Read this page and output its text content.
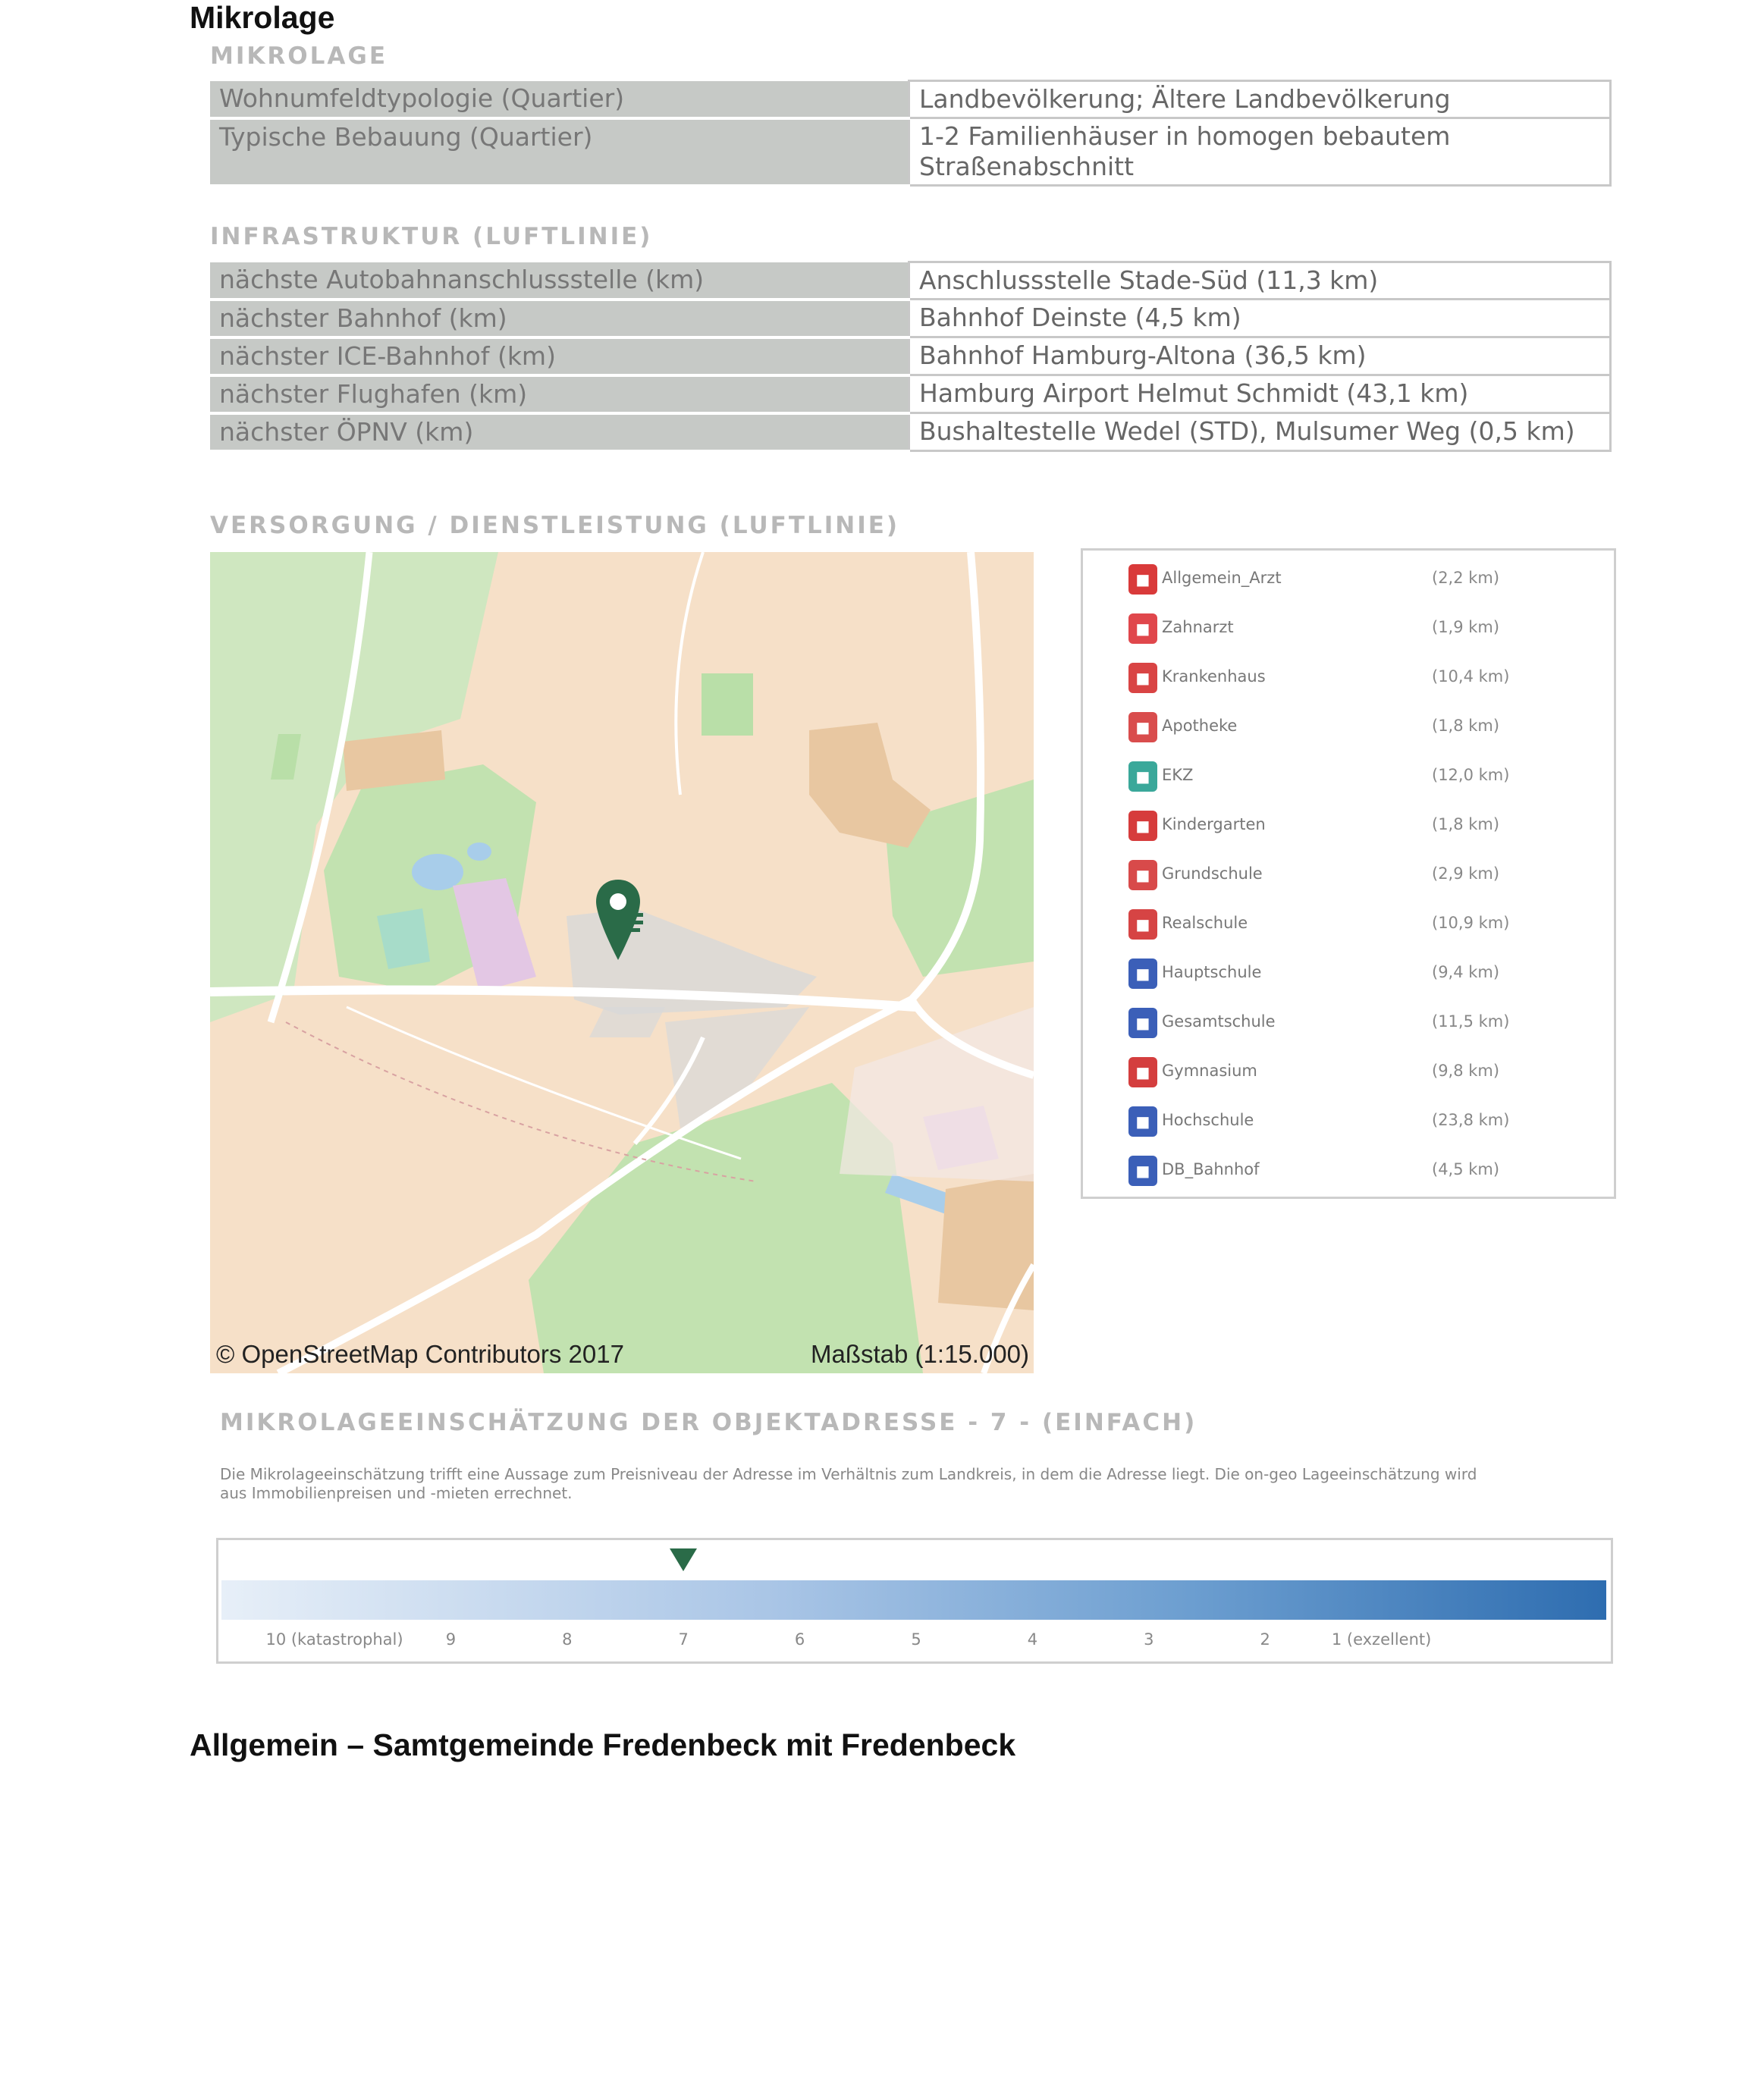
Mikrolage
MIKROLAGE
Wohnumfeldtypologie (Quartier)	Landbevölkerung; Ältere Landbevölkerung
Typische Bebauung (Quartier)	1-2 Familienhäuser in homogen bebautem Straßenabschnitt
INFRASTRUKTUR (LUFTLINIE)
nächste Autobahnanschlussstelle (km)	Anschlussstelle Stade-Süd (11,3 km)
nächster Bahnhof (km)	Bahnhof Deinste (4,5 km)
nächster ICE-Bahnhof (km)	Bahnhof Hamburg-Altona (36,5 km)
nächster Flughafen (km)	Hamburg Airport Helmut Schmidt (43,1 km)
nächster ÖPNV (km)	Bushaltestelle Wedel (STD), Mulsumer Weg (0,5 km)
VERSORGUNG / DIENSTLEISTUNG (LUFTLINIE)
© OpenStreetMap Contributors 2017	Maßstab (1:15.000)
■ Allgemein_Arzt	(2,2 km)
■ Zahnarzt	(1,9 km)
■ Krankenhaus	(10,4 km)
■ Apotheke	(1,8 km)
■ EKZ	(12,0 km)
■ Kindergarten	(1,8 km)
■ Grundschule	(2,9 km)
■ Realschule	(10,9 km)
■ Hauptschule	(9,4 km)
■ Gesamtschule	(11,5 km)
■ Gymnasium	(9,8 km)
■ Hochschule	(23,8 km)
■ DB_Bahnhof	(4,5 km)
MIKROLAGEEINSCHÄTZUNG DER OBJEKTADRESSE - 7 - (EINFACH)

Die Mikrolageeinschätzung trifft eine Aussage zum Preisniveau der Adresse im Verhältnis zum Landkreis, in dem die Adresse liegt. Die on-geo Lageeinschätzung wird aus Immobilienpreisen und -mieten errechnet.

10 (katastrophal)	9	8	7	6	5	4	3	2	1 (exzellent)
Allgemein – Samtgemeinde Fredenbeck mit Fredenbeck
